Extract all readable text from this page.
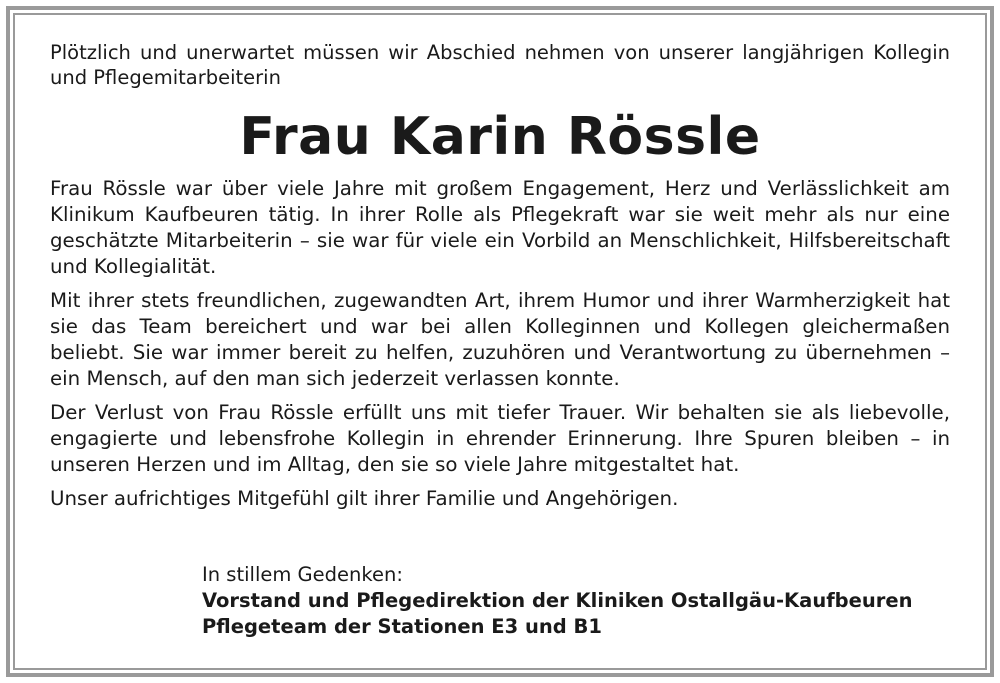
Plötzlich und unerwartet müssen wir Abschied nehmen von unserer langjährigen Kollegin und Pflegemitarbeiterin

Frau Karin Rössle

Frau Rössle war über viele Jahre mit großem Engagement, Herz und Verlässlichkeit am Klinikum Kaufbeuren tätig. In ihrer Rolle als Pflegekraft war sie weit mehr als nur eine geschätzte Mitarbeiterin – sie war für viele ein Vorbild an Menschlichkeit, Hilfsbereitschaft und Kollegialität.

Mit ihrer stets freundlichen, zugewandten Art, ihrem Humor und ihrer Warmherzigkeit hat sie das Team bereichert und war bei allen Kolleginnen und Kollegen gleichermaßen beliebt. Sie war immer bereit zu helfen, zuzuhören und Verantwortung zu übernehmen – ein Mensch, auf den man sich jederzeit verlassen konnte.

Der Verlust von Frau Rössle erfüllt uns mit tiefer Trauer. Wir behalten sie als liebevolle, engagierte und lebensfrohe Kollegin in ehrender Erinnerung. Ihre Spuren bleiben – in unseren Herzen und im Alltag, den sie so viele Jahre mitgestaltet hat.

Unser aufrichtiges Mitgefühl gilt ihrer Familie und Angehörigen.

In stillem Gedenken:
Vorstand und Pflegedirektion der Kliniken Ostallgäu-Kaufbeuren
Pflegeteam der Stationen E3 und B1
